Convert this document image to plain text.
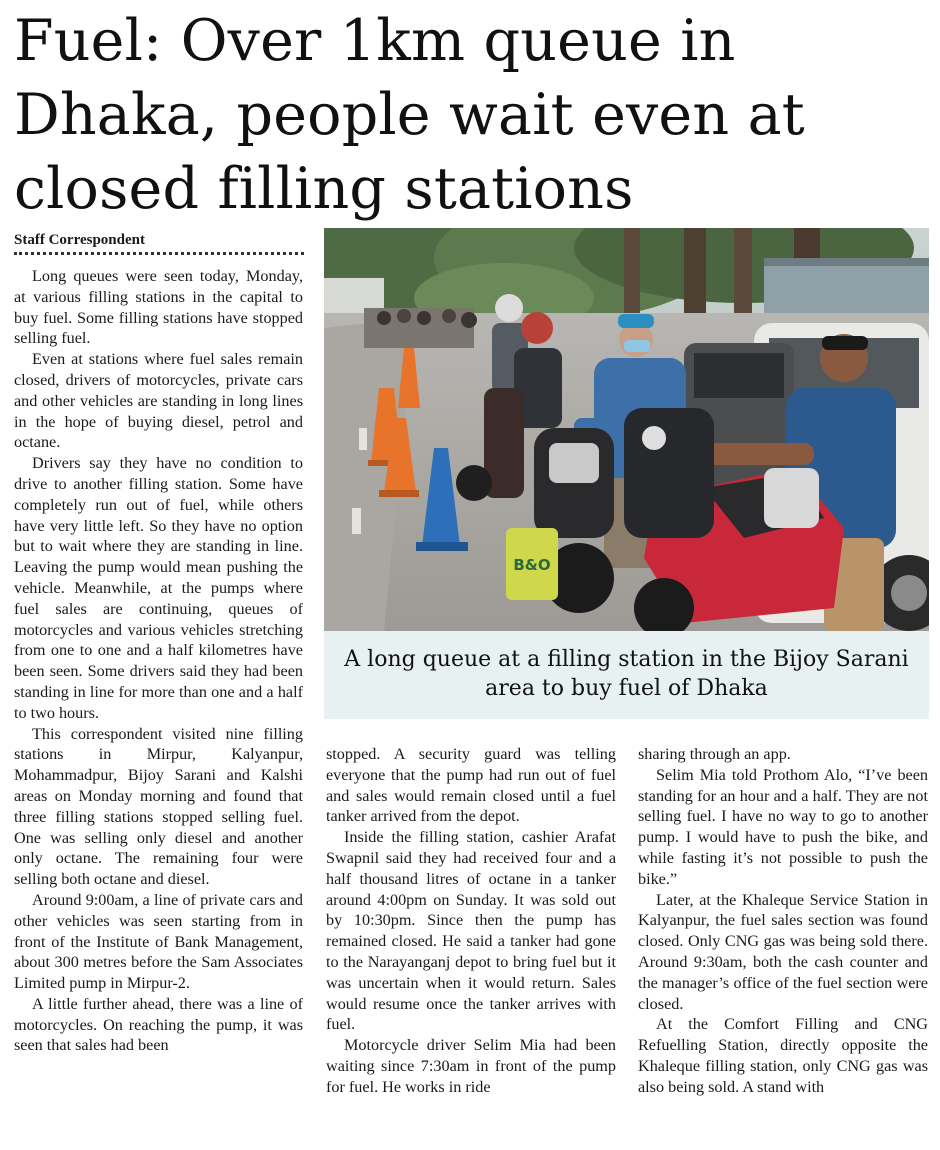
Fuel: Over 1km queue in Dhaka, people wait even at closed filling stations
Staff Correspondent

Long queues were seen today, Monday, at various filling stations in the capital to buy fuel. Some filling stations have stopped selling fuel.

Even at stations where fuel sales remain closed, drivers of motorcycles, private cars and other vehicles are standing in long lines in the hope of buying diesel, petrol and octane.

Drivers say they have no condition to drive to another filling station. Some have completely run out of fuel, while others have very little left. So they have no option but to wait where they are standing in line. Leaving the pump would mean pushing the vehicle. Meanwhile, at the pumps where fuel sales are continuing, queues of motorcycles and various vehicles stretching from one to one and a half kilometres have been seen. Some drivers said they had been standing in line for more than one and a half to two hours.

This correspondent visited nine filling stations in Mirpur, Kalyanpur, Mohammadpur, Bijoy Sarani and Kalshi areas on Monday morning and found that three filling stations stopped selling fuel. One was selling only diesel and another only octane. The remaining four were selling both octane and diesel.

Around 9:00am, a line of private cars and other vehicles was seen starting from in front of the Institute of Bank Management, about 300 metres before the Sam Associates Limited pump in Mirpur-2.

A little further ahead, there was a line of motorcycles. On reaching the pump, it was seen that sales had been

B&O
A long queue at a filling station in the Bijoy Sarani area to buy fuel of Dhaka

stopped. A security guard was telling everyone that the pump had run out of fuel and sales would remain closed until a fuel tanker arrived from the depot.

Inside the filling station, cashier Arafat Swapnil said they had received four and a half thousand litres of octane in a tanker around 4:00pm on Sunday. It was sold out by 10:30pm. Since then the pump has remained closed. He said a tanker had gone to the Narayanganj depot to bring fuel but it was uncertain when it would return. Sales would resume once the tanker arrives with fuel.

Motorcycle driver Selim Mia had been waiting since 7:30am in front of the pump for fuel. He works in ride

sharing through an app.

Selim Mia told Prothom Alo, “I’ve been standing for an hour and a half. They are not selling fuel. I have no way to go to another pump. I would have to push the bike, and while fasting it’s not possible to push the bike.”

Later, at the Khaleque Service Station in Kalyanpur, the fuel sales section was found closed. Only CNG gas was being sold there. Around 9:30am, both the cash counter and the manager’s office of the fuel section were closed.

At the Comfort Filling and CNG Refuelling Station, directly opposite the Khaleque filling station, only CNG gas was also being sold. A stand with
